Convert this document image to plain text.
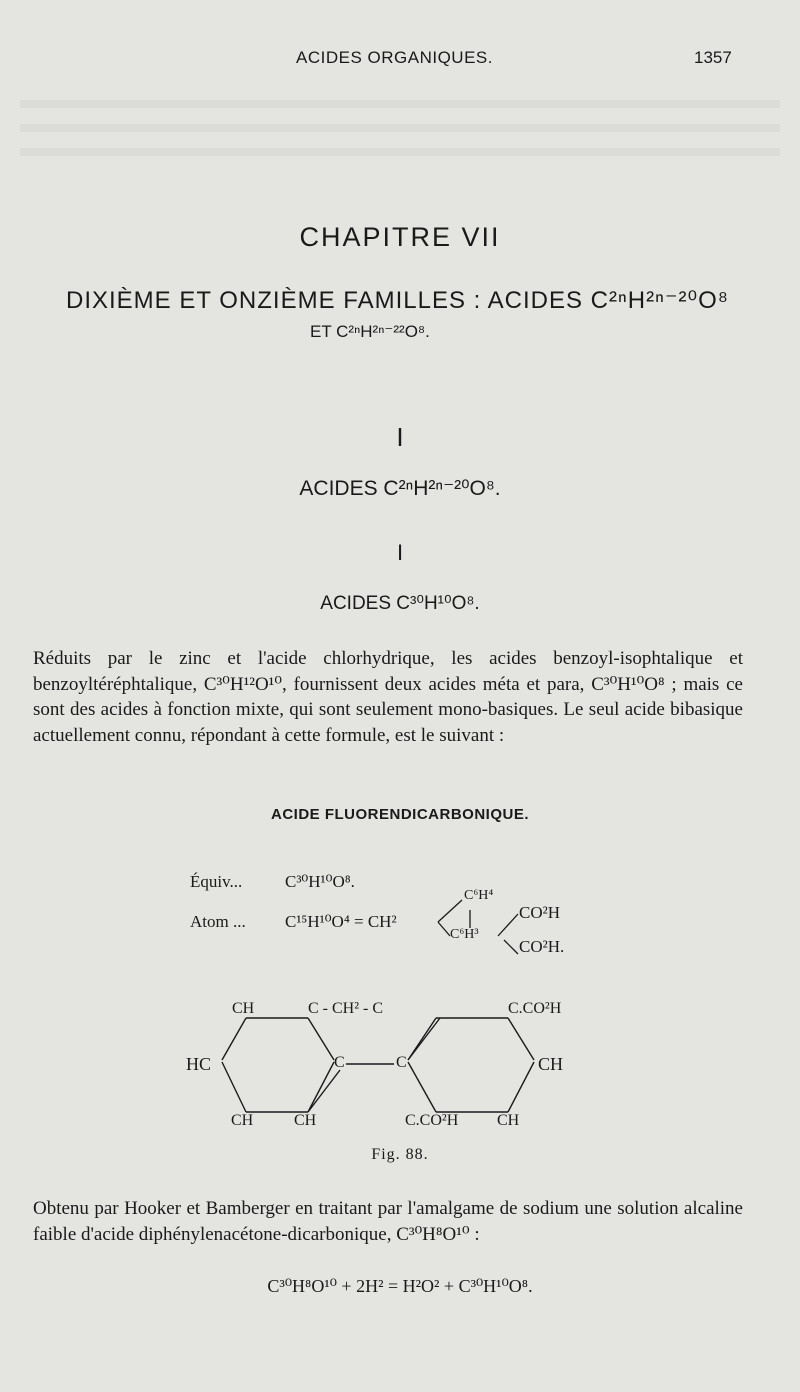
ACIDES ORGANIQUES.	1357
CHAPITRE VII
DIXIÈME ET ONZIÈME FAMILLES : ACIDES C²ⁿH²ⁿ⁻²⁰O⁸
ET C²ⁿH²ⁿ⁻²²O⁸.
I
ACIDES C²ⁿH²ⁿ⁻²⁰O⁸.
I
ACIDES C³⁰H¹⁰O⁸.
Réduits par le zinc et l'acide chlorhydrique, les acides benzoyl-isophtalique et benzoyltéréphtalique, C³⁰H¹²O¹⁰, fournissent deux acides méta et para, C³⁰H¹⁰O⁸ ; mais ce sont des acides à fonction mixte, qui sont seulement mono-basiques. Le seul acide bibasique actuellement connu, répondant à cette formule, est le suivant :
ACIDE FLUORENDICARBONIQUE.
Équiv...	C³⁰H¹⁰O⁸.
Atom ... C¹⁵H¹⁰O⁴ = CH²
C⁶H⁴
C⁶H³
CO²H
CO²H.
CH	C - CH² - C	C.CO²H
HC	C	C	CH
CH	CH	C.CO²H CH
Fig. 88.
Obtenu par Hooker et Bamberger en traitant par l'amalgame de sodium une solution alcaline faible d'acide diphénylenacétone-dicarbonique, C³⁰H⁸O¹⁰ :
C³⁰H⁸O¹⁰ + 2H² = H²O² + C³⁰H¹⁰O⁸.
